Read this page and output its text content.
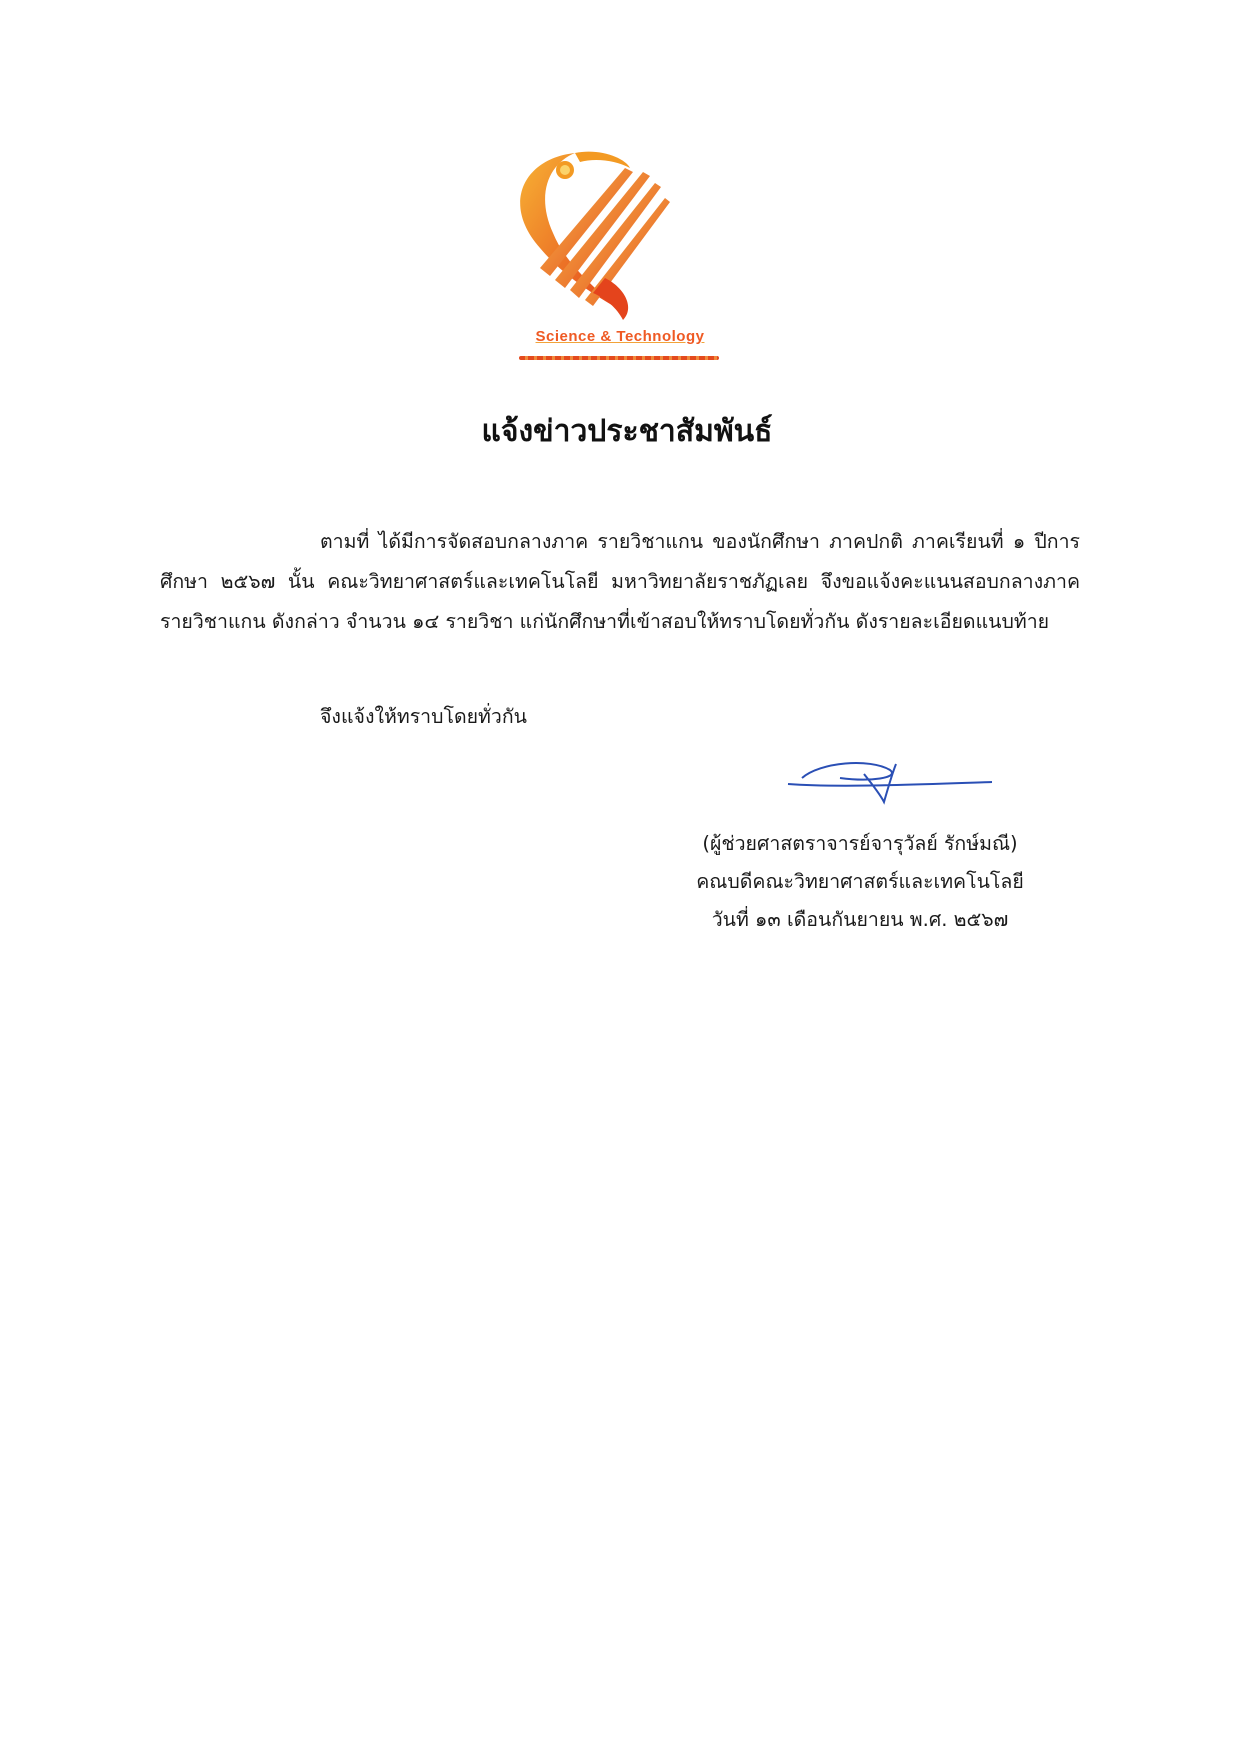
Science & Technology
แจ้งข่าวประชาสัมพันธ์
ตามที่ ได้มีการจัดสอบกลางภาค รายวิชาแกน ของนักศึกษา ภาคปกติ ภาคเรียนที่ ๑ ปีการศึกษา ๒๕๖๗ นั้น คณะวิทยาศาสตร์และเทคโนโลยี มหาวิทยาลัยราชภัฏเลย จึงขอแจ้งคะแนนสอบกลางภาค รายวิชาแกน ดังกล่าว จำนวน ๑๔ รายวิชา แก่นักศึกษาที่เข้าสอบให้ทราบโดยทั่วกัน ดังรายละเอียดแนบท้าย
จึงแจ้งให้ทราบโดยทั่วกัน
(ผู้ช่วยศาสตราจารย์จารุวัลย์ รักษ์มณี)
คณบดีคณะวิทยาศาสตร์และเทคโนโลยี
วันที่ ๑๓ เดือนกันยายน พ.ศ. ๒๕๖๗
